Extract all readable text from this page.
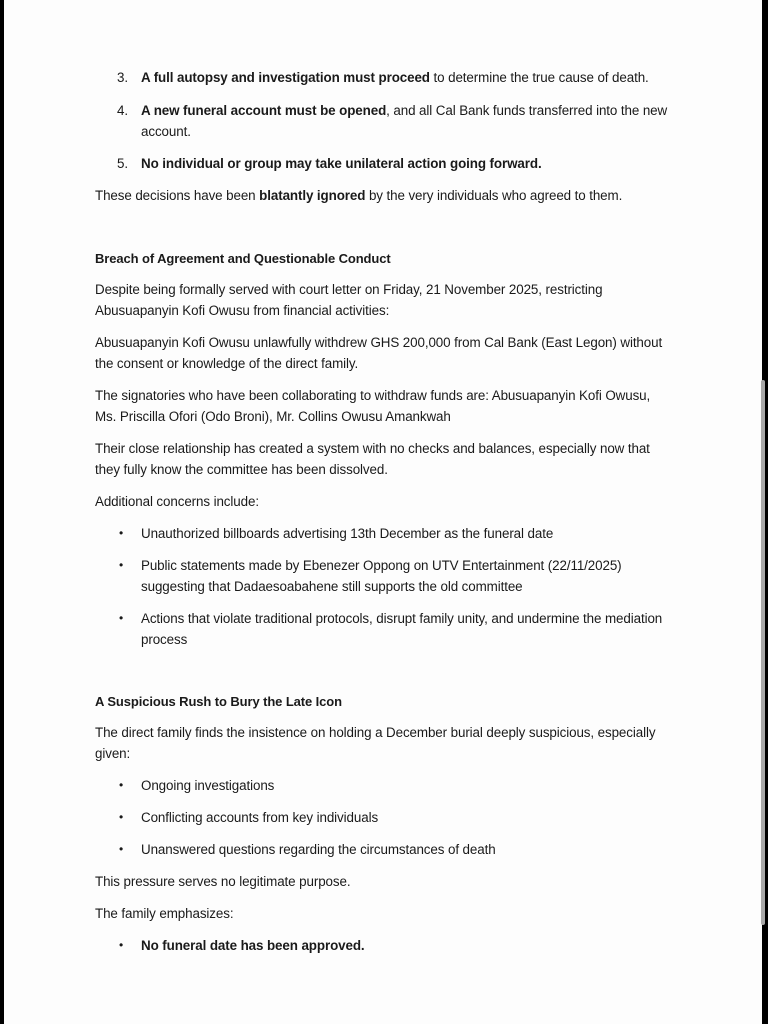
3. A full autopsy and investigation must proceed to determine the true cause of death.
4. A new funeral account must be opened, and all Cal Bank funds transferred into the new account.
5. No individual or group may take unilateral action going forward.

These decisions have been blatantly ignored by the very individuals who agreed to them.

Breach of Agreement and Questionable Conduct

Despite being formally served with court letter on Friday, 21 November 2025, restricting Abusuapanyin Kofi Owusu from financial activities:

Abusuapanyin Kofi Owusu unlawfully withdrew GHS 200,000 from Cal Bank (East Legon) without the consent or knowledge of the direct family.

The signatories who have been collaborating to withdraw funds are: Abusuapanyin Kofi Owusu, Ms. Priscilla Ofori (Odo Broni), Mr. Collins Owusu Amankwah

Their close relationship has created a system with no checks and balances, especially now that they fully know the committee has been dissolved.

Additional concerns include:

• Unauthorized billboards advertising 13th December as the funeral date
• Public statements made by Ebenezer Oppong on UTV Entertainment (22/11/2025) suggesting that Dadaesoabahene still supports the old committee
• Actions that violate traditional protocols, disrupt family unity, and undermine the mediation process

A Suspicious Rush to Bury the Late Icon

The direct family finds the insistence on holding a December burial deeply suspicious, especially given:

• Ongoing investigations
• Conflicting accounts from key individuals
• Unanswered questions regarding the circumstances of death

This pressure serves no legitimate purpose.

The family emphasizes:

• No funeral date has been approved.
